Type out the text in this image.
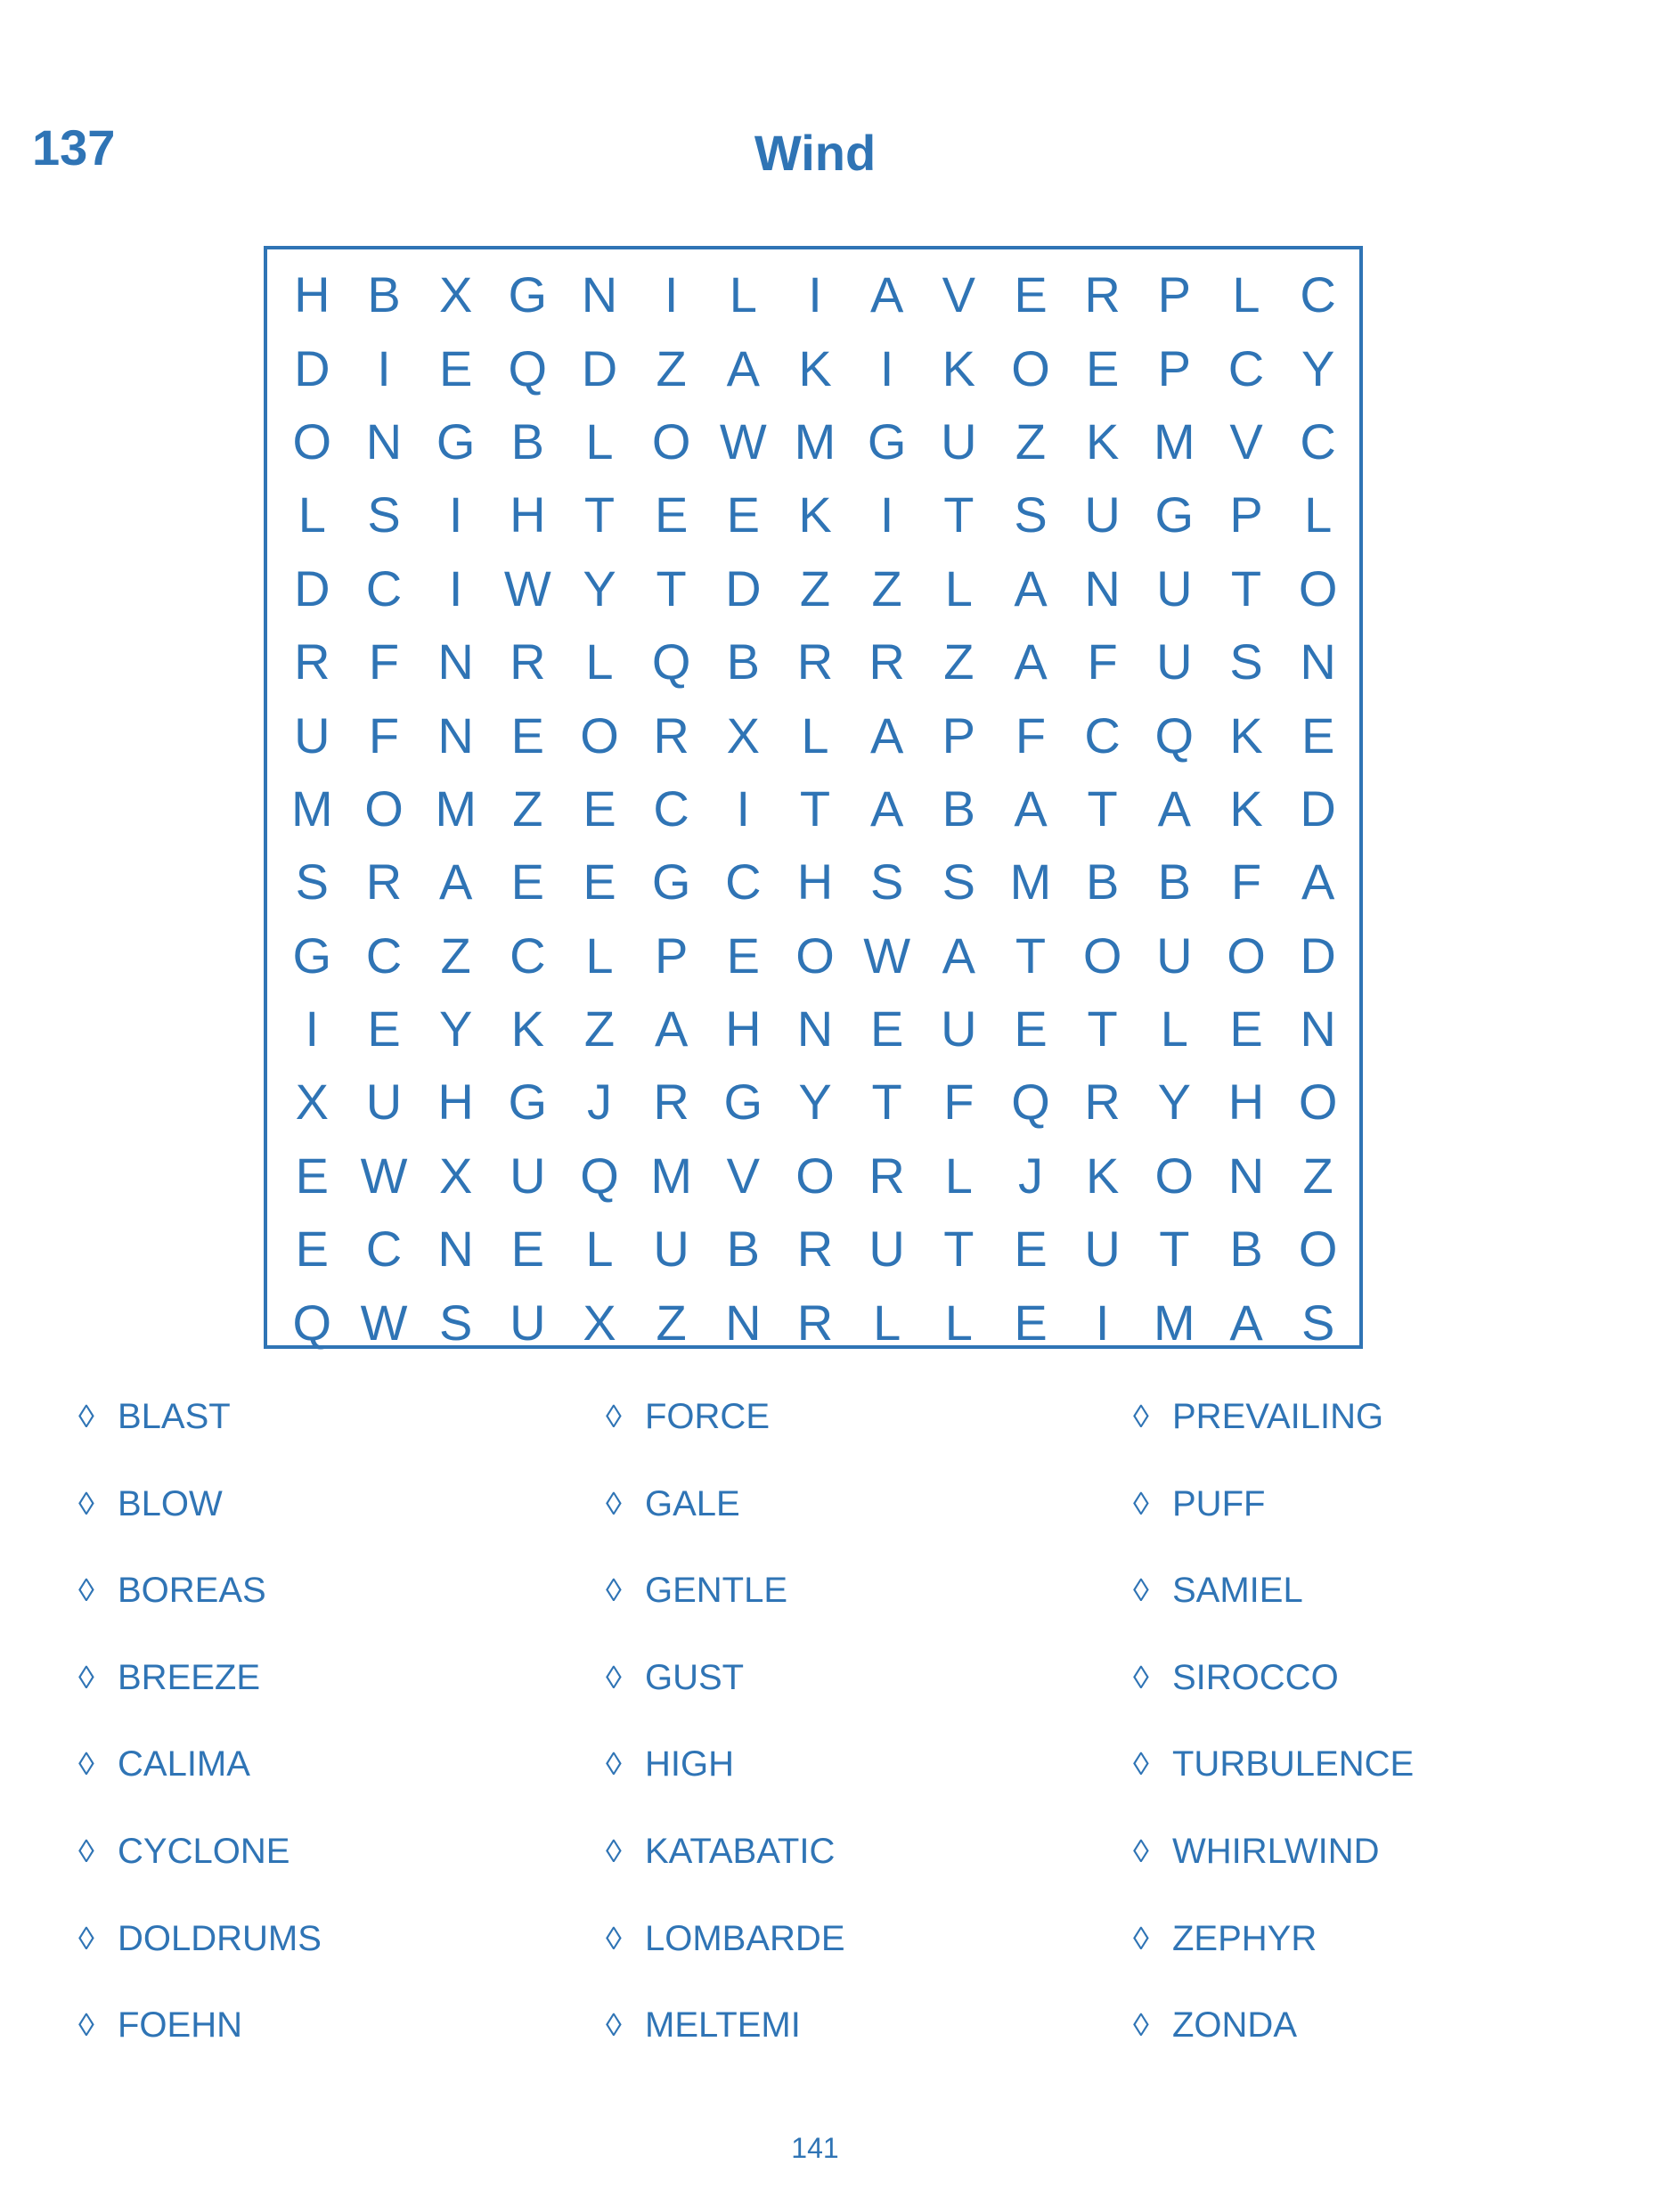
137	Wind
H B X G N I	L	I A V E R P L C
D I E Q D Z A K I K O E P C Y
O N G B L O W M G U Z K M V C
L S I H T E E K I T S U G P L
D C I W Y T D Z Z L A N U T O
R F N R L Q B R R Z A F U S N
U F N E O R X L A P F C Q K E
M O M Z E C I T A B A T A K D
S R A E E G C H S S M B B F A
G C Z C L P E O W A T O U O D
I E Y K Z A H N E U E T L E N
X U H G J R G Y T F Q R Y H O
E W X U Q M V O R L J K O N Z
E C N E L U B R U T E U T B O
Q W S U X Z N R L L E I M A S
◊ BLAST
◊ BLOW
◊ BOREAS
◊ BREEZE
◊ CALIMA
◊ CYCLONE
◊ DOLDRUMS
◊ FOEHN
◊ FORCE
◊ GALE
◊ GENTLE
◊ GUST
◊ HIGH
◊ KATABATIC
◊ LOMBARDE
◊ MELTEMI
◊ PREVAILING
◊ PUFF
◊ SAMIEL
◊ SIROCCO
◊ TURBULENCE
◊ WHIRLWIND
◊ ZEPHYR
◊ ZONDA
141
